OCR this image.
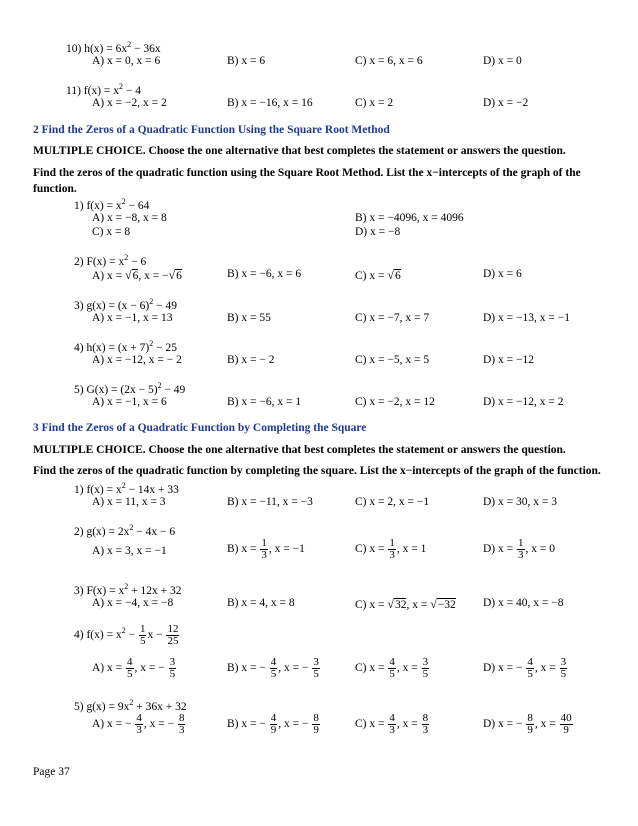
10) $h(x) = 6x^2 - 36x$
A) x = 0, x = 6	B) x = 6	C) x = 6, x = 6	D) x = 0
11) $f(x) = x^2 - 4$
A) x = −2, x = 2	B) x = −16, x = 16	C) x = 2	D) x = −2
2 Find the Zeros of a Quadratic Function Using the Square Root Method
MULTIPLE CHOICE. Choose the one alternative that best completes the statement or answers the question.
Find the zeros of the quadratic function using the Square Root Method. List the x−intercepts of the graph of the function.
1) $f(x) = x^2 - 64$
A) x = −8, x = 8	B) x = −4096, x = 4096
C) x = 8	D) x = −8
2) $F(x) = x^2 - 6$
A) x = √6, x = −√6	B) x = −6, x = 6	C) x = √6	D) x = 6
3) $g(x) = (x - 6)^2 - 49$
A) x = −1, x = 13	B) x = 55	C) x = −7, x = 7	D) x = −13, x = −1
4) $h(x) = (x + 7)^2 - 25$
A) x = −12, x = − 2	B) x = − 2	C) x = −5, x = 5	D) x = −12
5) $G(x) = (2x - 5)^2 - 49$
A) x = −1, x = 6	B) x = −6, x = 1	C) x = −2, x = 12	D) x = −12, x = 2
3 Find the Zeros of a Quadratic Function by Completing the Square
MULTIPLE CHOICE. Choose the one alternative that best completes the statement or answers the question.
Find the zeros of the quadratic function by completing the square. List the x−intercepts of the graph of the function.
1) $f(x) = x^2 - 14x + 33$
A) x = 11, x = 3	B) x = −11, x = −3	C) x = 2, x = −1	D) x = 30, x = 3
2) $g(x) = 2x^2 - 4x - 6$
A) x = 3, x = −1	B) $x = \frac{1}{3}$ , x = −1	C) $x = \frac{1}{3}$ , x = 1	D) $x = \frac{1}{3}$ , x = 0
3) $F(x) = x^2 + 12x + 32$
A) x = −4, x = −8	B) x = 4, x = 8	C) x = √32, x = √−32 D) x = 40, x = −8
4) $f(x) = x^2 - \frac{1}{5}$ $x - \frac{12}{25}$
A) $x = \frac{4}{5}$ , x = − $\frac{3}{5}$	B) x = − $\frac{4}{5}$ , x = − $\frac{3}{5}$	C) $x = \frac{4}{5}$ , $x = \frac{3}{5}$	D) x = − $\frac{4}{5}$ , $x = \frac{3}{5}$
5) $g(x) = 9x^2 + 36x + 32$
A) x = − $\frac{4}{3}$ , x = − $\frac{8}{3}$	B) x = − $\frac{4}{9}$ , x = − $\frac{8}{9}$	C) $x = \frac{4}{3}$ , $x = \frac{8}{3}$	D) x = − $\frac{8}{9}$ , $x = \frac{40}{9}$
Page 37
